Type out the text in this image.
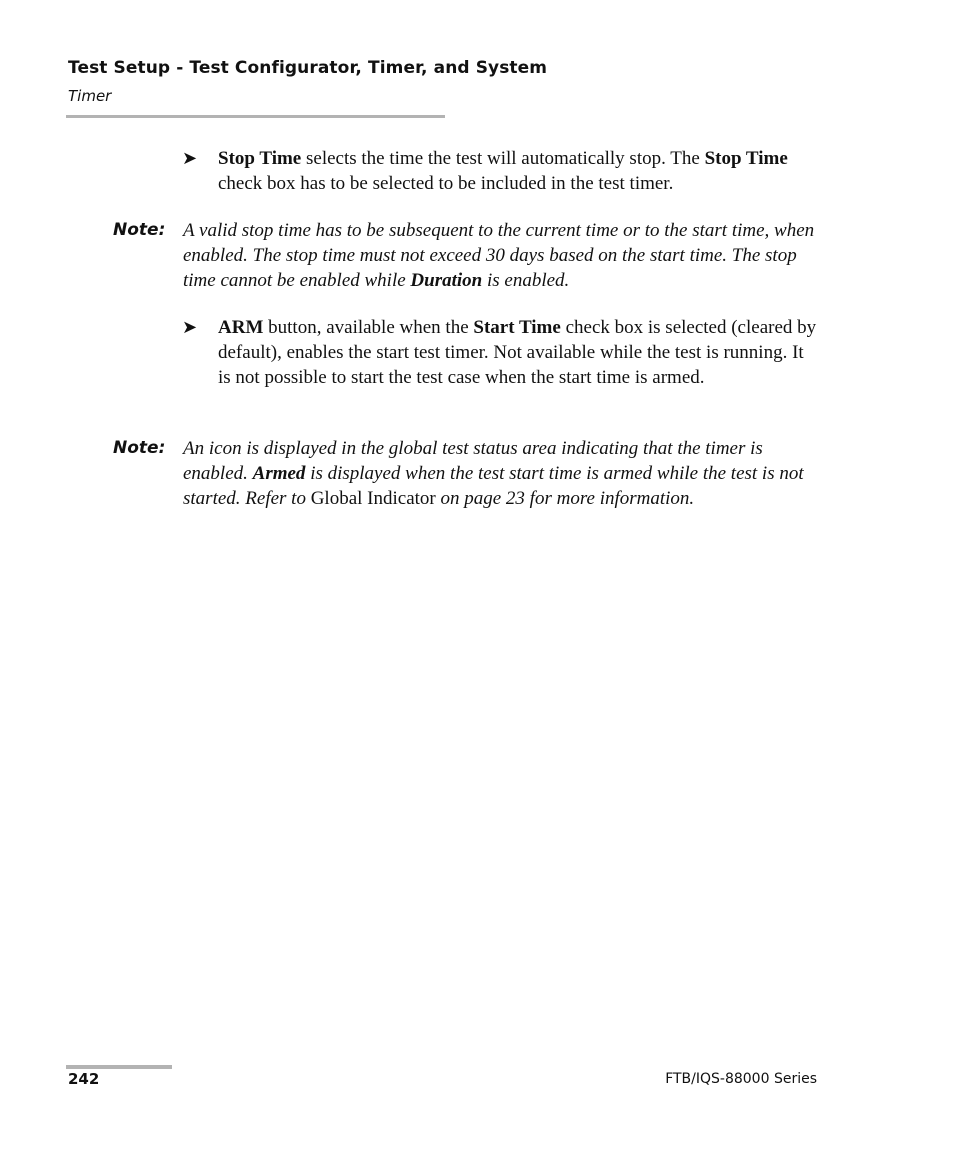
Test Setup - Test Configurator, Timer, and System
Timer
➤	Stop Time selects the time the test will automatically stop. The Stop Time check box has to be selected to be included in the test timer.
Note: A valid stop time has to be subsequent to the current time or to the start time, when enabled. The stop time must not exceed 30 days based on the start time. The stop time cannot be enabled while Duration is enabled.
➤	ARM button, available when the Start Time check box is selected (cleared by default), enables the start test timer. Not available while the test is running. It is not possible to start the test case when the start time is armed.
Note: An icon is displayed in the global test status area indicating that the timer is enabled. Armed is displayed when the test start time is armed while the test is not started. Refer to Global Indicator on page 23 for more information.
242	FTB/IQS-88000 Series
